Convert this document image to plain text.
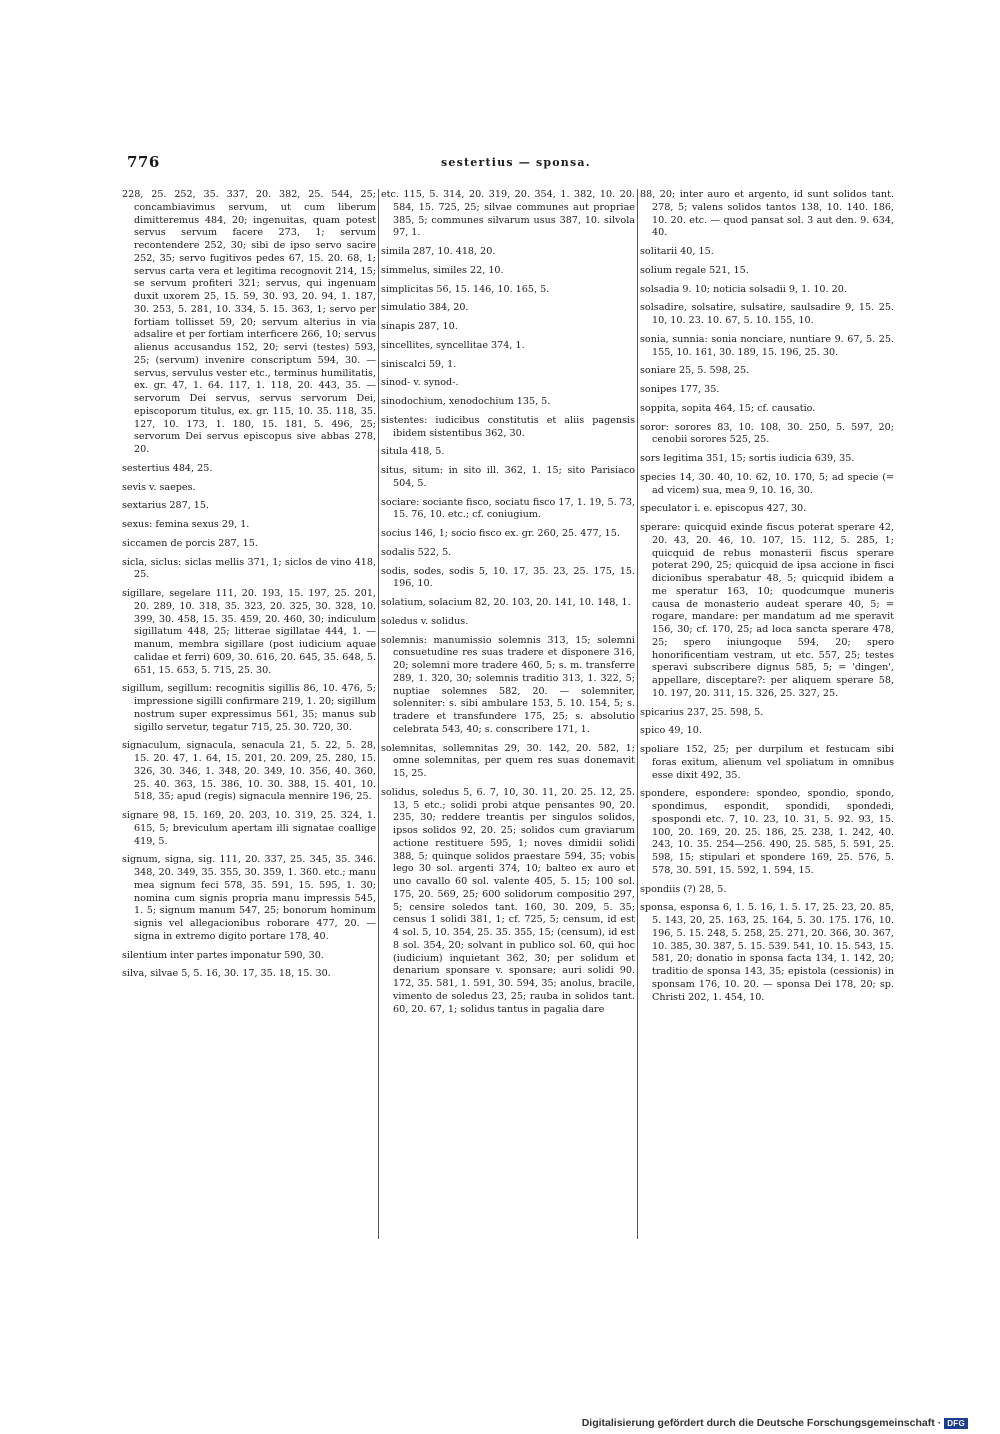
776	sestertius — sponsa.

228, 25. 252, 35. 337, 20. 382, 25. 544, 25; concambiavimus servum, ut cum liberum dimitteremus 484, 20; ingenuitas, quam potest servus servum facere 273, 1; servum recontendere 252, 30; sibi de ipso servo sacire 252, 35; servo fugitivos pedes 67, 15. 20. 68, 1; servus carta vera et legitima recognovit 214, 15; se servum profiteri 321; servus, qui ingenuam duxit uxorem 25, 15. 59, 30. 93, 20. 94, 1. 187, 30. 253, 5. 281, 10. 334, 5. 15. 363, 1; servo per fortiam tollisset 59, 20; servum alterius in via adsalire et per fortiam interficere 266, 10; servus alienus accusandus 152, 20; servi (testes) 593, 25; (servum) invenire conscriptum 594, 30. — servus, servulus vester etc., terminus humilitatis, ex. gr. 47, 1. 64. 117, 1. 118, 20. 443, 35. — servorum Dei servus, servus servorum Dei, episcoporum titulus, ex. gr. 115, 10. 35. 118, 35. 127, 10. 173, 1. 180, 15. 181, 5. 496, 25; servorum Dei servus episcopus sive abbas 278, 20.

sestertius 484, 25.

sevis v. saepes.

sextarius 287, 15.

sexus: femina sexus 29, 1.

siccamen de porcis 287, 15.

sicla, siclus: siclas mellis 371, 1; siclos de vino 418, 25.

sigillare, segelare 111, 20. 193, 15. 197, 25. 201, 20. 289, 10. 318, 35. 323, 20. 325, 30. 328, 10. 399, 30. 458, 15. 35. 459, 20. 460, 30; indiculum sigillatum 448, 25; litterae sigillatae 444, 1. — manum, membra sigillare (post iudicium aquae calidae et ferri) 609, 30. 616, 20. 645, 35. 648, 5. 651, 15. 653, 5. 715, 25. 30.

sigillum, segillum: recognitis sigillis 86, 10. 476, 5; impressione sigilli confirmare 219, 1. 20; sigillum nostrum super expressimus 561, 35; manus sub sigillo servetur, tegatur 715, 25. 30. 720, 30.

signaculum, signacula, senacula 21, 5. 22, 5. 28, 15. 20. 47, 1. 64, 15. 201, 20. 209, 25. 280, 15. 326, 30. 346, 1. 348, 20. 349, 10. 356, 40. 360, 25. 40. 363, 15. 386, 10. 30. 388, 15. 401, 10. 518, 35; apud (regis) signacula mennire 196, 25.

signare 98, 15. 169, 20. 203, 10. 319, 25. 324, 1. 615, 5; breviculum apertam illi signatae coallige 419, 5.

signum, signa, sig. 111, 20. 337, 25. 345, 35. 346. 348, 20. 349, 35. 355, 30. 359, 1. 360. etc.; manu mea signum feci 578, 35. 591, 15. 595, 1. 30; nomina cum signis propria manu impressis 545, 1. 5; signum manum 547, 25; bonorum hominum signis vel allegacionibus roborare 477, 20. — signa in extremo digito portare 178, 40.

silentium inter partes imponatur 590, 30.

silva, silvae 5, 5. 16, 30. 17, 35. 18, 15. 30.

etc. 115, 5. 314, 20. 319, 20. 354, 1. 382, 10. 20. 584, 15. 725, 25; silvae communes aut propriae 385, 5; communes silvarum usus 387, 10. silvola 97, 1.

simila 287, 10. 418, 20.

simmelus, similes 22, 10.

simplicitas 56, 15. 146, 10. 165, 5.

simulatio 384, 20.

sinapis 287, 10.

sincellites, syncellitae 374, 1.

siniscalci 59, 1.

sinod- v. synod-.

sinodochium, xenodochium 135, 5.

sistentes: iudicibus constitutis et aliis pagensis ibidem sistentibus 362, 30.

situla 418, 5.

situs, situm: in sito ill. 362, 1. 15; sito Parisiaco 504, 5.

sociare: sociante fisco, sociatu fisco 17, 1. 19, 5. 73, 15. 76, 10. etc.; cf. coniugium.

socius 146, 1; socio fisco ex. gr. 260, 25. 477, 15.

sodalis 522, 5.

sodis, sodes, sodis 5, 10. 17, 35. 23, 25. 175, 15. 196, 10.

solatium, solacium 82, 20. 103, 20. 141, 10. 148, 1.

soledus v. solidus.

solemnis: manumissio solemnis 313, 15; solemni consuetudine res suas tradere et disponere 316, 20; solemni more tradere 460, 5; s. m. transferre 289, 1. 320, 30; solemnis traditio 313, 1. 322, 5; nuptiae solemnes 582, 20. — solemniter, solenniter: s. sibi ambulare 153, 5. 10. 154, 5; s. tradere et transfundere 175, 25; s. absolutio celebrata 543, 40; s. conscribere 171, 1.

solemnitas, sollemnitas 29, 30. 142, 20. 582, 1; omne solemnitas, per quem res suas donemavit 15, 25.

solidus, soledus 5, 6. 7, 10, 30. 11, 20. 25. 12, 25. 13, 5 etc.; solidi probi atque pensantes 90, 20. 235, 30; reddere treantis per singulos solidos, ipsos solidos 92, 20. 25; solidos cum graviarum actione restituere 595, 1; noves dimidii solidi 388, 5; quinque solidos praestare 594, 35; vobis lego 30 sol. argenti 374, 10; balteo ex auro et uno cavallo 60 sol. valente 405, 5. 15; 100 sol. 175, 20. 569, 25; 600 solidorum compositio 297, 5; censire soledos tant. 160, 30. 209, 5. 35; census 1 solidi 381, 1; cf. 725, 5; censum, id est 4 sol. 5, 10. 354, 25. 35. 355, 15; (censum), id est 8 sol. 354, 20; solvant in publico sol. 60, qui hoc (iudicium) inquietant 362, 30; per solidum et denarium sponsare v. sponsare; auri solidi 90. 172, 35. 581, 1. 591, 30. 594, 35; anolus, bracile, vimento de soledus 23, 25; rauba in solidos tant. 60, 20. 67, 1; solidus tantus in pagalia dare

88, 20; inter auro et argento, id sunt solidos tant. 278, 5; valens solidos tantos 138, 10. 140. 186, 10. 20. etc. — quod pansat sol. 3 aut den. 9. 634, 40.

solitarii 40, 15.

solium regale 521, 15.

solsadia 9. 10; noticia solsadii 9, 1. 10. 20.

solsadire, solsatire, sulsatire, saulsadire 9, 15. 25. 10, 10. 23. 10. 67, 5. 10. 155, 10.

sonia, sunnia: sonia nonciare, nuntiare 9. 67, 5. 25. 155, 10. 161, 30. 189, 15. 196, 25. 30.

soniare 25, 5. 598, 25.

sonipes 177, 35.

soppita, sopita 464, 15; cf. causatio.

soror: sorores 83, 10. 108, 30. 250, 5. 597, 20; cenobii sorores 525, 25.

sors legitima 351, 15; sortis iudicia 639, 35.

species 14, 30. 40, 10. 62, 10. 170, 5; ad specie (= ad vicem) sua, mea 9, 10. 16, 30.

speculator i. e. episcopus 427, 30.

sperare: quicquid exinde fiscus poterat sperare 42, 20. 43, 20. 46, 10. 107, 15. 112, 5. 285, 1; quicquid de rebus monasterii fiscus sperare poterat 290, 25; quicquid de ipsa accione in fisci dicionibus sperabatur 48, 5; quicquid ibidem a me speratur 163, 10; quodcumque muneris causa de monasterio audeat sperare 40, 5; = rogare, mandare: per mandatum ad me speravit 156, 30; cf. 170, 25; ad loca sancta sperare 478, 25; spero iniungoque 594, 20; spero honorificentiam vestram, ut etc. 557, 25; testes speravi subscribere dignus 585, 5; = 'dingen', appellare, disceptare?: per aliquem sperare 58, 10. 197, 20. 311, 15. 326, 25. 327, 25.

spicarius 237, 25. 598, 5.

spico 49, 10.

spoliare 152, 25; per durpilum et festucam sibi foras exitum, alienum vel spoliatum in omnibus esse dixit 492, 35.

spondere, espondere: spondeo, spondio, spondo, spondimus, espondit, spondidi, spondedi, spospondi etc. 7, 10. 23, 10. 31, 5. 92. 93, 15. 100, 20. 169, 20. 25. 186, 25. 238, 1. 242, 40. 243, 10. 35. 254—256. 490, 25. 585, 5. 591, 25. 598, 15; stipulari et spondere 169, 25. 576, 5. 578, 30. 591, 15. 592, 1. 594, 15.

spondiis (?) 28, 5.

sponsa, esponsa 6, 1. 5. 16, 1. 5. 17, 25. 23, 20. 85, 5. 143, 20, 25. 163, 25. 164, 5. 30. 175. 176, 10. 196, 5. 15. 248, 5. 258, 25. 271, 20. 366, 30. 367, 10. 385, 30. 387, 5. 15. 539. 541, 10. 15. 543, 15. 581, 20; donatio in sponsa facta 134, 1. 142, 20; traditio de sponsa 143, 35; epistola (cessionis) in sponsam 176, 10. 20. — sponsa Dei 178, 20; sp. Christi 202, 1. 454, 10.

Digitalisierung gefördert durch die Deutsche Forschungsgemeinschaft · DFG
